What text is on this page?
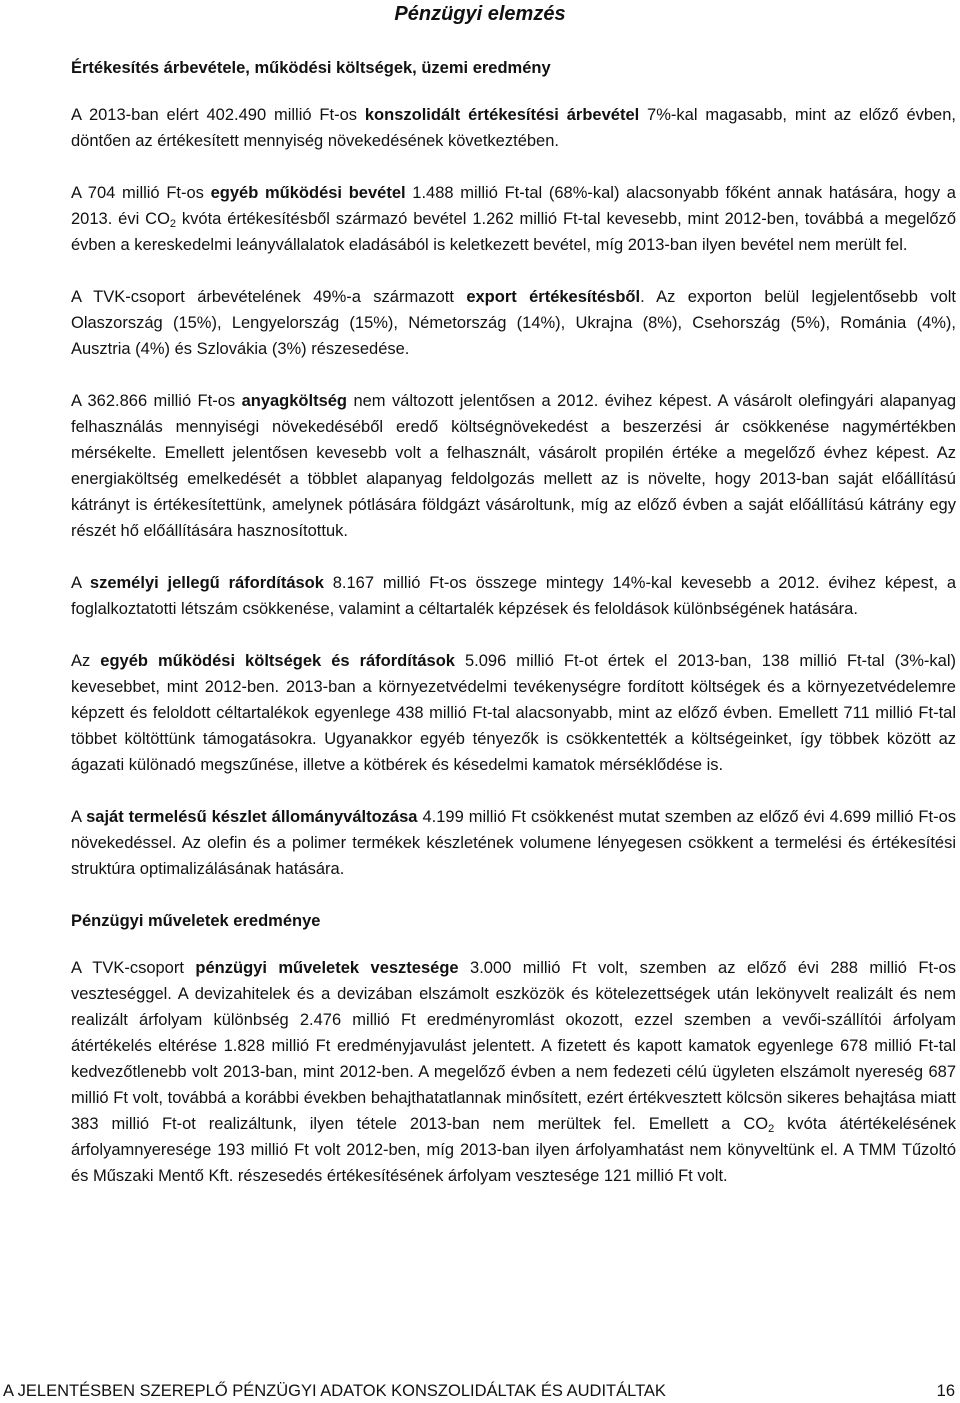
Pénzügyi elemzés
Értékesítés árbevétele, működési költségek, üzemi eredmény

A 2013-ban elért 402.490 millió Ft-os konszolidált értékesítési árbevétel 7%-kal magasabb, mint az előző évben, döntően az értékesített mennyiség növekedésének következtében.

A 704 millió Ft-os egyéb működési bevétel 1.488 millió Ft-tal (68%-kal) alacsonyabb főként annak hatására, hogy a 2013. évi $CO_2$ kvóta értékesítésből származó bevétel 1.262 millió Ft-tal kevesebb, mint 2012-ben, továbbá a megelőző évben a kereskedelmi leányvállalatok eladásából is keletkezett bevétel, míg 2013-ban ilyen bevétel nem merült fel.

A TVK-csoport árbevételének 49%-a származott export értékesítésből. Az exporton belül legjelentősebb volt Olaszország (15%), Lengyelország (15%), Németország (14%), Ukrajna (8%), Csehország (5%), Románia (4%), Ausztria (4%) és Szlovákia (3%) részesedése.

A 362.866 millió Ft-os anyagköltség nem változott jelentősen a 2012. évihez képest. A vásárolt olefingyári alapanyag felhasználás mennyiségi növekedéséből eredő költségnövekedést a beszerzési ár csökkenése nagymértékben mérsékelte. Emellett jelentősen kevesebb volt a felhasznált, vásárolt propilén értéke a megelőző évhez képest. Az energiaköltség emelkedését a többlet alapanyag feldolgozás mellett az is növelte, hogy 2013-ban saját előállítású kátrányt is értékesítettünk, amelynek pótlására földgázt vásároltunk, míg az előző évben a saját előállítású kátrány egy részét hő előállítására hasznosítottuk.

A személyi jellegű ráfordítások 8.167 millió Ft-os összege mintegy 14%-kal kevesebb a 2012. évihez képest, a foglalkoztatotti létszám csökkenése, valamint a céltartalék képzések és feloldások különbségének hatására.

Az egyéb működési költségek és ráfordítások 5.096 millió Ft-ot értek el 2013-ban, 138 millió Ft-tal (3%-kal) kevesebbet, mint 2012-ben. 2013-ban a környezetvédelmi tevékenységre fordított költségek és a környezetvédelemre képzett és feloldott céltartalékok egyenlege 438 millió Ft-tal alacsonyabb, mint az előző évben. Emellett 711 millió Ft-tal többet költöttünk támogatásokra. Ugyanakkor egyéb tényezők is csökkentették a költségeinket, így többek között az ágazati különadó megszűnése, illetve a kötbérek és késedelmi kamatok mérséklődése is.

A saját termelésű készlet állományváltozása 4.199 millió Ft csökkenést mutat szemben az előző évi 4.699 millió Ft-os növekedéssel. Az olefin és a polimer termékek készletének volumene lényegesen csökkent a termelési és értékesítési struktúra optimalizálásának hatására.

Pénzügyi műveletek eredménye

A TVK-csoport pénzügyi műveletek vesztesége 3.000 millió Ft volt, szemben az előző évi 288 millió Ft-os veszteséggel. A devizahitelek és a devizában elszámolt eszközök és kötelezettségek után lekönyvelt realizált és nem realizált árfolyam különbség 2.476 millió Ft eredményromlást okozott, ezzel szemben a vevői-szállítói árfolyam átértékelés eltérése 1.828 millió Ft eredményjavulást jelentett. A fizetett és kapott kamatok egyenlege 678 millió Ft-tal kedvezőtlenebb volt 2013-ban, mint 2012-ben. A megelőző évben a nem fedezeti célú ügyleten elszámolt nyereség 687 millió Ft volt, továbbá a korábbi években behajthatatlannak minősített, ezért értékvesztett kölcsön sikeres behajtása miatt 383 millió Ft-ot realizáltunk, ilyen tétele 2013-ban nem merültek fel. Emellett a $CO_2$ kvóta átértékelésének árfolyamnyeresége 193 millió Ft volt 2012-ben, míg 2013-ban ilyen árfolyamhatást nem könyveltünk el. A TMM Tűzoltó és Műszaki Mentő Kft. részesedés értékesítésének árfolyam vesztesége 121 millió Ft volt.

A JELENTÉSBEN SZEREPLŐ PÉNZÜGYI ADATOK KONSZOLIDÁLTAK ÉS AUDITÁLTAK	16
